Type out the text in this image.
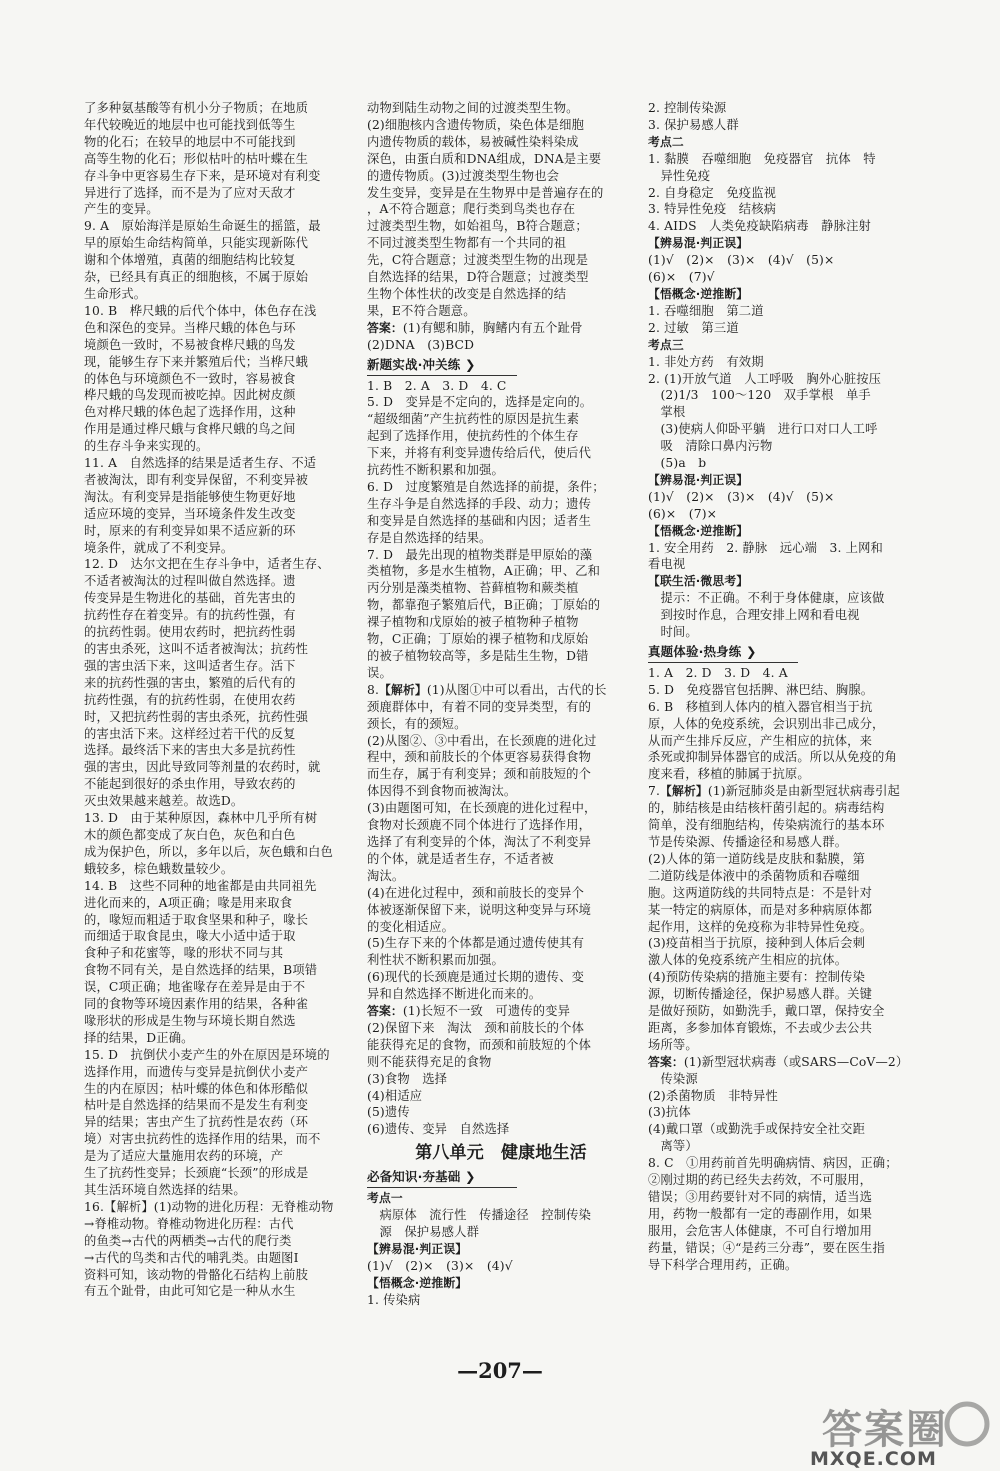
了多种氨基酸等有机小分子物质；在地质
年代较晚近的地层中也可能找到低等生
物的化石；在较早的地层中不可能找到
高等生物的化石；形似枯叶的枯叶蝶在生
存斗争中更容易生存下来，是环境对有利变
异进行了选择，而不是为了应对天敌才
产生的变异。
9. A　原始海洋是原始生命诞生的摇篮，最
早的原始生命结构简单，只能实现新陈代
谢和个体增殖，真菌的细胞结构比较复
杂，已经具有真正的细胞核，不属于原始
生命形式。
10. B　桦尺蛾的后代个体中，体色存在浅
色和深色的变异。当桦尺蛾的体色与环
境颜色一致时，不易被食桦尺蛾的鸟发
现，能够生存下来并繁殖后代；当桦尺蛾
的体色与环境颜色不一致时，容易被食
桦尺蛾的鸟发现而被吃掉。因此树皮颜
色对桦尺蛾的体色起了选择作用，这种
作用是通过桦尺蛾与食桦尺蛾的鸟之间
的生存斗争来实现的。
11. A　自然选择的结果是适者生存、不适
者被淘汰，即有利变异保留，不利变异被
淘汰。有利变异是指能够使生物更好地
适应环境的变异，当环境条件发生改变
时，原来的有利变异如果不适应新的环
境条件，就成了不利变异。
12. D　达尔文把在生存斗争中，适者生存、
不适者被淘汰的过程叫做自然选择。遗
传变异是生物进化的基础，首先害虫的
抗药性存在着变异。有的抗药性强，有
的抗药性弱。使用农药时，把抗药性弱
的害虫杀死，这叫不适者被淘汰；抗药性
强的害虫活下来，这叫适者生存。活下
来的抗药性强的害虫，繁殖的后代有的
抗药性强，有的抗药性弱，在使用农药
时，又把抗药性弱的害虫杀死，抗药性强
的害虫活下来。这样经过若干代的反复
选择。最终活下来的害虫大多是抗药性
强的害虫，因此导致同等剂量的农药时，就
不能起到很好的杀虫作用，导致农药的
灭虫效果越来越差。故选D。
13. D　由于某种原因，森林中几乎所有树
木的颜色都变成了灰白色，灰色和白色
成为保护色，所以，多年以后，灰色蛾和白色
蛾较多，棕色蛾数量较少。
14. B　这些不同种的地雀都是由共同祖先
进化而来的，A项正确；喙是用来取食
的，喙短而粗适于取食坚果和种子，喙长
而细适于取食昆虫，喙大小适中适于取
食种子和花蜜等，喙的形状不同与其
食物不同有关，是自然选择的结果，B项错
误，C项正确；地雀喙存在差异是由于不
同的食物等环境因素作用的结果，各种雀
喙形状的形成是生物与环境长期自然选
择的结果，D正确。
15. D　抗倒伏小麦产生的外在原因是环境的
选择作用，而遗传与变异是抗倒伏小麦产
生的内在原因；枯叶蝶的体色和体形酷似
枯叶是自然选择的结果而不是发生有利变
异的结果；害虫产生了抗药性是农药（环
境）对害虫抗药性的选择作用的结果，而不
是为了适应大量施用农药的环境，产
生了抗药性变异；长颈鹿“长颈”的形成是
其生活环境自然选择的结果。
16.【解析】(1)动物的进化历程：无脊椎动物
→脊椎动物。脊椎动物进化历程：古代
的鱼类→古代的两栖类→古代的爬行类
→古代的鸟类和古代的哺乳类。由题图Ⅰ
资料可知，该动物的骨骼化石结构上前肢
有五个趾骨，由此可知它是一种从水生
动物到陆生动物之间的过渡类型生物。
(2)细胞核内含遗传物质，染色体是细胞
内遗传物质的载体，易被碱性染料染成
深色，由蛋白质和DNA组成，DNA是主要
的遗传物质。(3)过渡类型生物也会
发生变异，变异是在生物界中是普遍存在的
，A不符合题意；爬行类到鸟类也存在
过渡类型生物，如始祖鸟，B符合题意；
不同过渡类型生物都有一个共同的祖
先，C符合题意；过渡类型生物的出现是
自然选择的结果，D符合题意；过渡类型
生物个体性状的改变是自然选择的结
果，E不符合题意。
答案：(1)有鳃和肺，胸鳍内有五个趾骨
(2)DNA　(3)BCD
新题实战·冲关练 ❯
1. B　2. A　3. D　4. C
5. D　变异是不定向的，选择是定向的。
“超级细菌”产生抗药性的原因是抗生素
起到了选择作用，使抗药性的个体生存
下来，并将有利变异遗传给后代，使后代
抗药性不断积累和加强。
6. D　过度繁殖是自然选择的前提，条件；
生存斗争是自然选择的手段、动力；遗传
和变异是自然选择的基础和内因；适者生
存是自然选择的结果。
7. D　最先出现的植物类群是甲原始的藻
类植物，多是水生植物，A正确；甲、乙和
丙分别是藻类植物、苔藓植物和蕨类植
物，都靠孢子繁殖后代，B正确；丁原始的
裸子植物和戊原始的被子植物种子植物
物，C正确；丁原始的裸子植物和戊原始
的被子植物较高等，多是陆生生物，D错
误。
8.【解析】(1)从图①中可以看出，古代的长
颈鹿群体中，有着不同的变异类型，有的
颈长，有的颈短。
(2)从图②、③中看出，在长颈鹿的进化过
程中，颈和前肢长的个体更容易获得食物
而生存，属于有利变异；颈和前肢短的个
体因得不到食物而被淘汰。
(3)由题图可知，在长颈鹿的进化过程中，
食物对长颈鹿不同个体进行了选择作用，
选择了有利变异的个体，淘汰了不利变异
的个体，就是适者生存，不适者被
淘汰。
(4)在进化过程中，颈和前肢长的变异个
体被逐渐保留下来，说明这种变异与环境
的变化相适应。
(5)生存下来的个体都是通过遗传使其有
利性状不断积累而加强。
(6)现代的长颈鹿是通过长期的遗传、变
异和自然选择不断进化而来的。
答案：(1)长短不一致　可遗传的变异
(2)保留下来　淘汰　颈和前肢长的个体
能获得充足的食物，而颈和前肢短的个体
则不能获得充足的食物
(3)食物　选择
(4)相适应
(5)遗传
(6)遗传、变异　自然选择
第八单元　健康地生活
必备知识·夯基础 ❯
考点一
　病原体　流行性　传播途径　控制传染
　源　保护易感人群
【辨易混·判正误】
(1)√　(2)×　(3)×　(4)√
【悟概念·逆推断】
1. 传染病
2. 控制传染源
3. 保护易感人群
考点二
1. 黏膜　吞噬细胞　免疫器官　抗体　特
　异性免疫
2. 自身稳定　免疫监视
3. 特异性免疫　结核病
4. AIDS　人类免疫缺陷病毒　静脉注射
【辨易混·判正误】
(1)√　(2)×　(3)×　(4)√　(5)×
(6)×　(7)√
【悟概念·逆推断】
1. 吞噬细胞　第二道
2. 过敏　第三道
考点三
1. 非处方药　有效期
2. (1)开放气道　人工呼吸　胸外心脏按压
　(2)1/3　100～120　双手掌根　单手
　掌根
　(3)使病人仰卧平躺　进行口对口人工呼
　吸　清除口鼻内污物
　(5)a　b
【辨易混·判正误】
(1)√　(2)×　(3)×　(4)√　(5)×
(6)×　(7)×
【悟概念·逆推断】
1. 安全用药　2. 静脉　远心端　3. 上网和
看电视
【联生活·微思考】
　提示：不正确。不利于身体健康，应该做
　到按时作息，合理安排上网和看电视
　时间。
真题体验·热身练 ❯
1. A　2. D　3. D　4. A
5. D　免疫器官包括脾、淋巴结、胸腺。
6. B　移植到人体内的植入器官相当于抗
原，人体的免疫系统，会识别出非己成分，
从而产生排斥反应，产生相应的抗体，来
杀死或抑制异体器官的成活。所以从免疫的角
度来看，移植的肺属于抗原。
7.【解析】(1)新冠肺炎是由新型冠状病毒引起
的，肺结核是由结核杆菌引起的。病毒结构
简单，没有细胞结构，传染病流行的基本环
节是传染源、传播途径和易感人群。
(2)人体的第一道防线是皮肤和黏膜，第
二道防线是体液中的杀菌物质和吞噬细
胞。这两道防线的共同特点是：不是针对
某一特定的病原体，而是对多种病原体都
起作用，这样的免疫称为非特异性免疫。
(3)疫苗相当于抗原，接种到人体后会刺
激人体的免疫系统产生相应的抗体。
(4)预防传染病的措施主要有：控制传染
源，切断传播途径，保护易感人群。关键
是做好预防，如勤洗手，戴口罩，保持安全
距离，多参加体育锻炼，不去或少去公共
场所等。
答案：(1)新型冠状病毒（或SARS—CoV—2）
　传染源
(2)杀菌物质　非特异性
(3)抗体
(4)戴口罩（或勤洗手或保持安全社交距
　离等）
8. C　①用药前首先明确病情、病因，正确；
②刚过期的药已经失去药效，不可服用，
错误；③用药要针对不同的病情，适当选
用，药物一般都有一定的毒副作用，如果
服用，会危害人体健康，不可自行增加用
药量，错误；④“是药三分毒”，要在医生指
导下科学合理用药，正确。
—207—
答案圈
MXQE.COM
